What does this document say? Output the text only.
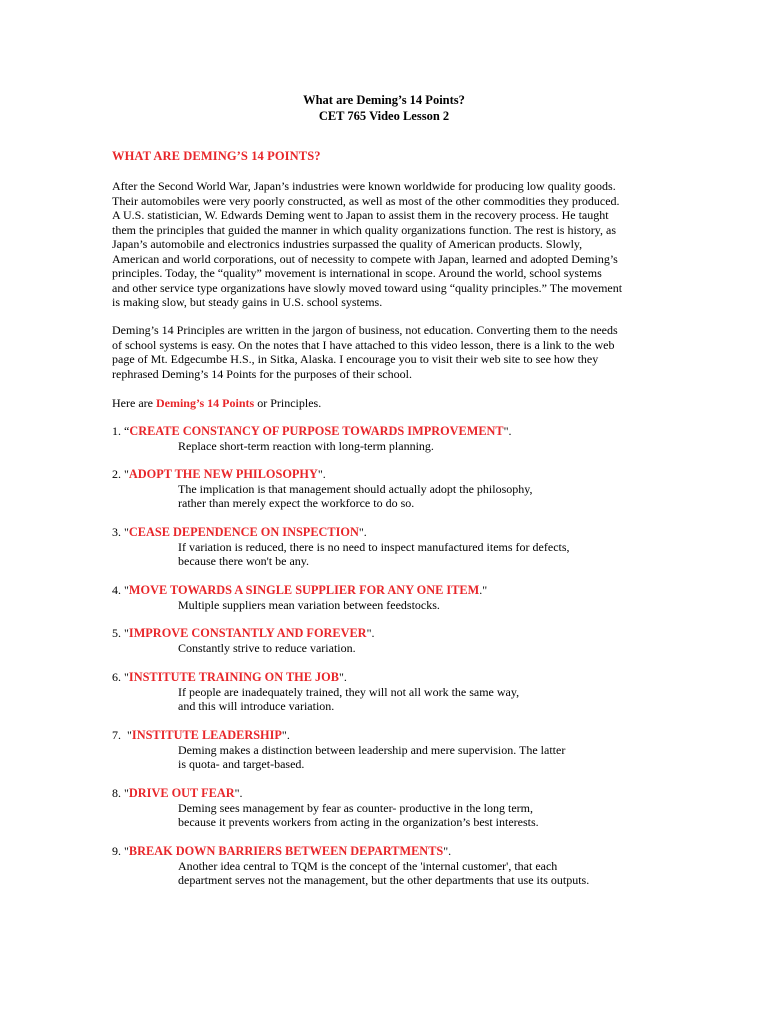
What are Deming’s 14 Points?
CET 765 Video Lesson 2
WHAT ARE DEMING’S 14 POINTS?
After the Second World War, Japan’s industries were known worldwide for producing low quality goods.
Their automobiles were very poorly constructed, as well as most of the other commodities they produced.
A U.S. statistician, W. Edwards Deming went to Japan to assist them in the recovery process. He taught
them the principles that guided the manner in which quality organizations function. The rest is history, as
Japan’s automobile and electronics industries surpassed the quality of American products. Slowly,
American and world corporations, out of necessity to compete with Japan, learned and adopted Deming’s
principles. Today, the “quality” movement is international in scope. Around the world, school systems
and other service type organizations have slowly moved toward using “quality principles.” The movement
is making slow, but steady gains in U.S. school systems.
Deming’s 14 Principles are written in the jargon of business, not education. Converting them to the needs
of school systems is easy. On the notes that I have attached to this video lesson, there is a link to the web
page of Mt. Edgecumbe H.S., in Sitka, Alaska. I encourage you to visit their web site to see how they
rephrased Deming’s 14 Points for the purposes of their school.
Here are Deming’s 14 Points or Principles.
1. “CREATE CONSTANCY OF PURPOSE TOWARDS IMPROVEMENT".
Replace short-term reaction with long-term planning.
2. "ADOPT THE NEW PHILOSOPHY".
The implication is that management should actually adopt the philosophy,
rather than merely expect the workforce to do so.
3. "CEASE DEPENDENCE ON INSPECTION".
If variation is reduced, there is no need to inspect manufactured items for defects,
because there won't be any.
4. "MOVE TOWARDS A SINGLE SUPPLIER FOR ANY ONE ITEM."
Multiple suppliers mean variation between feedstocks.
5. "IMPROVE CONSTANTLY AND FOREVER".
Constantly strive to reduce variation.
6. "INSTITUTE TRAINING ON THE JOB".
If people are inadequately trained, they will not all work the same way,
and this will introduce variation.
7.  "INSTITUTE LEADERSHIP".
Deming makes a distinction between leadership and mere supervision. The latter
is quota- and target-based.
8. "DRIVE OUT FEAR".
Deming sees management by fear as counter- productive in the long term,
because it prevents workers from acting in the organization’s best interests.
9. "BREAK DOWN BARRIERS BETWEEN DEPARTMENTS".
Another idea central to TQM is the concept of the 'internal customer', that each
department serves not the management, but the other departments that use its outputs.
